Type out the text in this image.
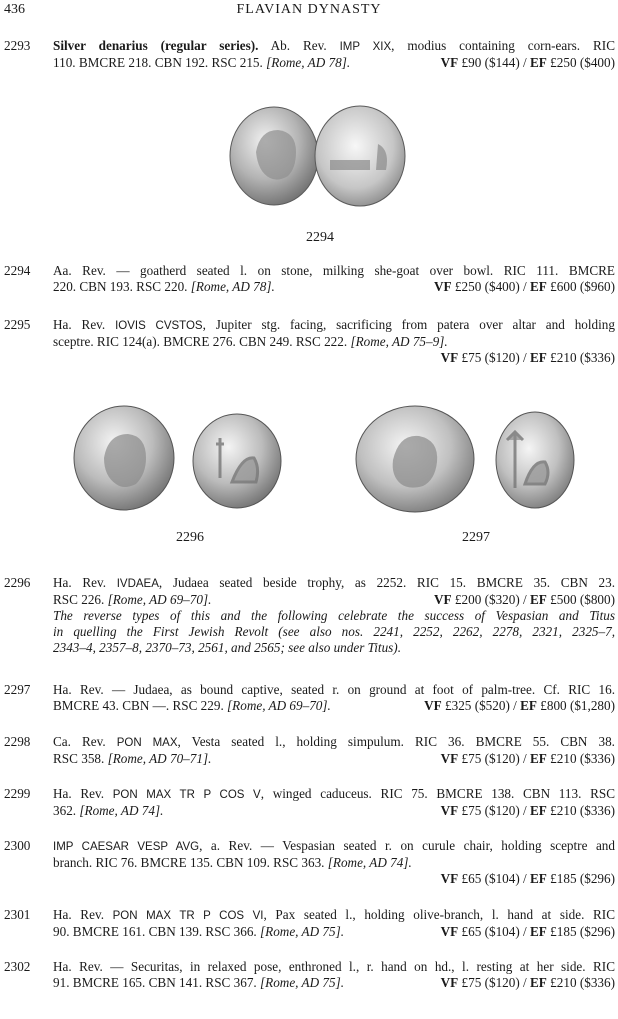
436	FLAVIAN DYNASTY
2293 Silver denarius (regular series). Ab. Rev. IMP XIX, modius containing corn-ears. RIC
110. BMCRE 218. CBN 192. RSC 215. [Rome, AD 78].	VF £90 ($144) / EF £250 ($400)
2294
2294 Aa. Rev. — goatherd seated l. on stone, milking she-goat over bowl. RIC 111. BMCRE
220. CBN 193. RSC 220. [Rome, AD 78].	VF £250 ($400) / EF £600 ($960)
2295 Ha. Rev. IOVIS CVSTOS, Jupiter stg. facing, sacrificing from patera over altar and holding
sceptre. RIC 124(a). BMCRE 276. CBN 249. RSC 222. [Rome, AD 75–9].
VF £75 ($120) / EF £210 ($336)
2296	2297
2296 Ha. Rev. IVDAEA, Judaea seated beside trophy, as 2252. RIC 15. BMCRE 35. CBN 23.
RSC 226. [Rome, AD 69–70].	VF £200 ($320) / EF £500 ($800)
The reverse types of this and the following celebrate the success of Vespasian and Titus
in quelling the First Jewish Revolt (see also nos. 2241, 2252, 2262, 2278, 2321, 2325–7,
2343–4, 2357–8, 2370–73, 2561, and 2565; see also under Titus).
2297 Ha. Rev. — Judaea, as bound captive, seated r. on ground at foot of palm-tree. Cf. RIC 16.
BMCRE 43. CBN —. RSC 229. [Rome, AD 69–70].	VF £325 ($520) / EF £800 ($1,280)
2298 Ca. Rev. PON MAX, Vesta seated l., holding simpulum. RIC 36. BMCRE 55. CBN 38.
RSC 358. [Rome, AD 70–71].	VF £75 ($120) / EF £210 ($336)
2299 Ha. Rev. PON MAX TR P COS V, winged caduceus. RIC 75. BMCRE 138. CBN 113. RSC
362. [Rome, AD 74].	VF £75 ($120) / EF £210 ($336)
2300 IMP CAESAR VESP AVG, a. Rev. — Vespasian seated r. on curule chair, holding sceptre and
branch. RIC 76. BMCRE 135. CBN 109. RSC 363. [Rome, AD 74].
VF £65 ($104) / EF £185 ($296)
2301 Ha. Rev. PON MAX TR P COS VI, Pax seated l., holding olive-branch, l. hand at side. RIC
90. BMCRE 161. CBN 139. RSC 366. [Rome, AD 75].	VF £65 ($104) / EF £185 ($296)
2302 Ha. Rev. — Securitas, in relaxed pose, enthroned l., r. hand on hd., l. resting at her side. RIC
91. BMCRE 165. CBN 141. RSC 367. [Rome, AD 75].	VF £75 ($120) / EF £210 ($336)
